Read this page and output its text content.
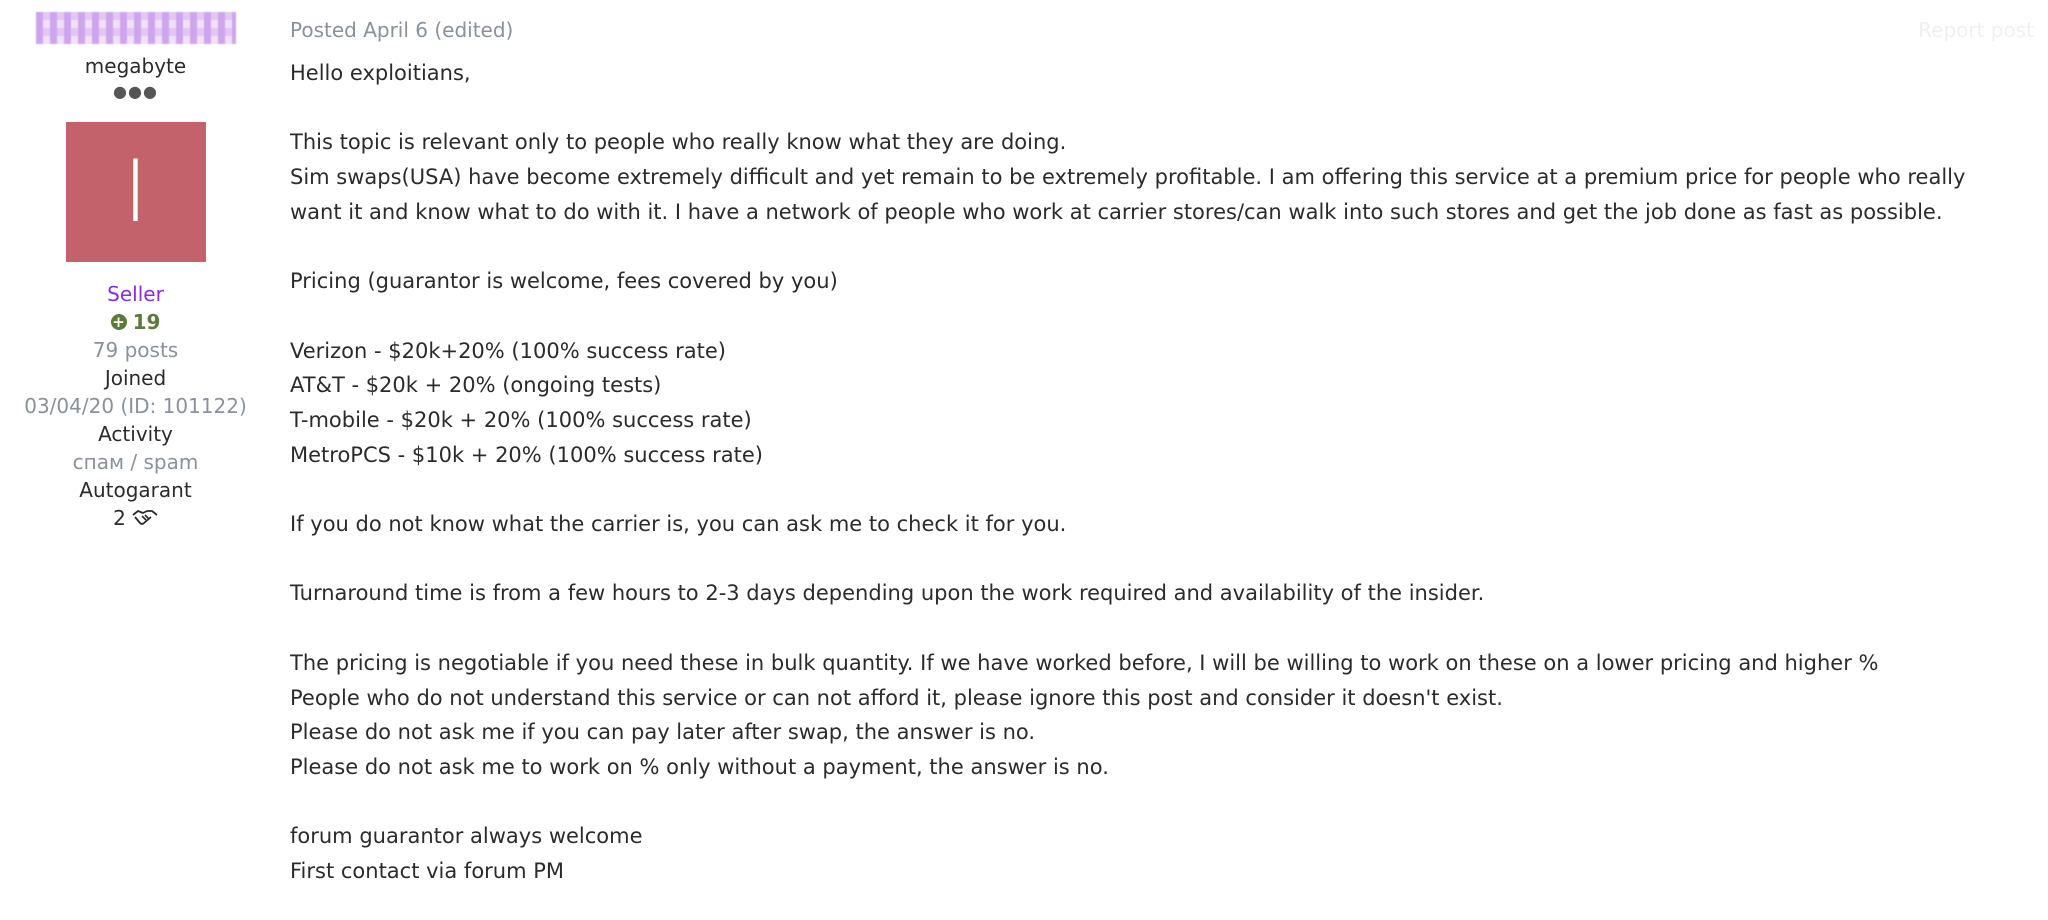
megabyte
●●●
I
Seller
+ 19
79 posts
Joined
03/04/20 (ID: 101122)
Activity
спам / spam
Autogarant
2
Posted April 6 (edited)

Hello exploitians,

This topic is relevant only to people who really know what they are doing.

Sim swaps(USA) have become extremely difficult and yet remain to be extremely profitable. I am offering this service at a premium price for people who really

want it and know what to do with it. I have a network of people who work at carrier stores/can walk into such stores and get the job done as fast as possible.

Pricing (guarantor is welcome, fees covered by you)

Verizon - $20k+20% (100% success rate)

AT&T - $20k + 20% (ongoing tests)

T-mobile - $20k + 20% (100% success rate)

MetroPCS - $10k + 20% (100% success rate)

If you do not know what the carrier is, you can ask me to check it for you.

Turnaround time is from a few hours to 2-3 days depending upon the work required and availability of the insider.

The pricing is negotiable if you need these in bulk quantity. If we have worked before, I will be willing to work on these on a lower pricing and higher %

People who do not understand this service or can not afford it, please ignore this post and consider it doesn't exist.

Please do not ask me if you can pay later after swap, the answer is no.

Please do not ask me to work on % only without a payment, the answer is no.

forum guarantor always welcome

First contact via forum PM

Report post
